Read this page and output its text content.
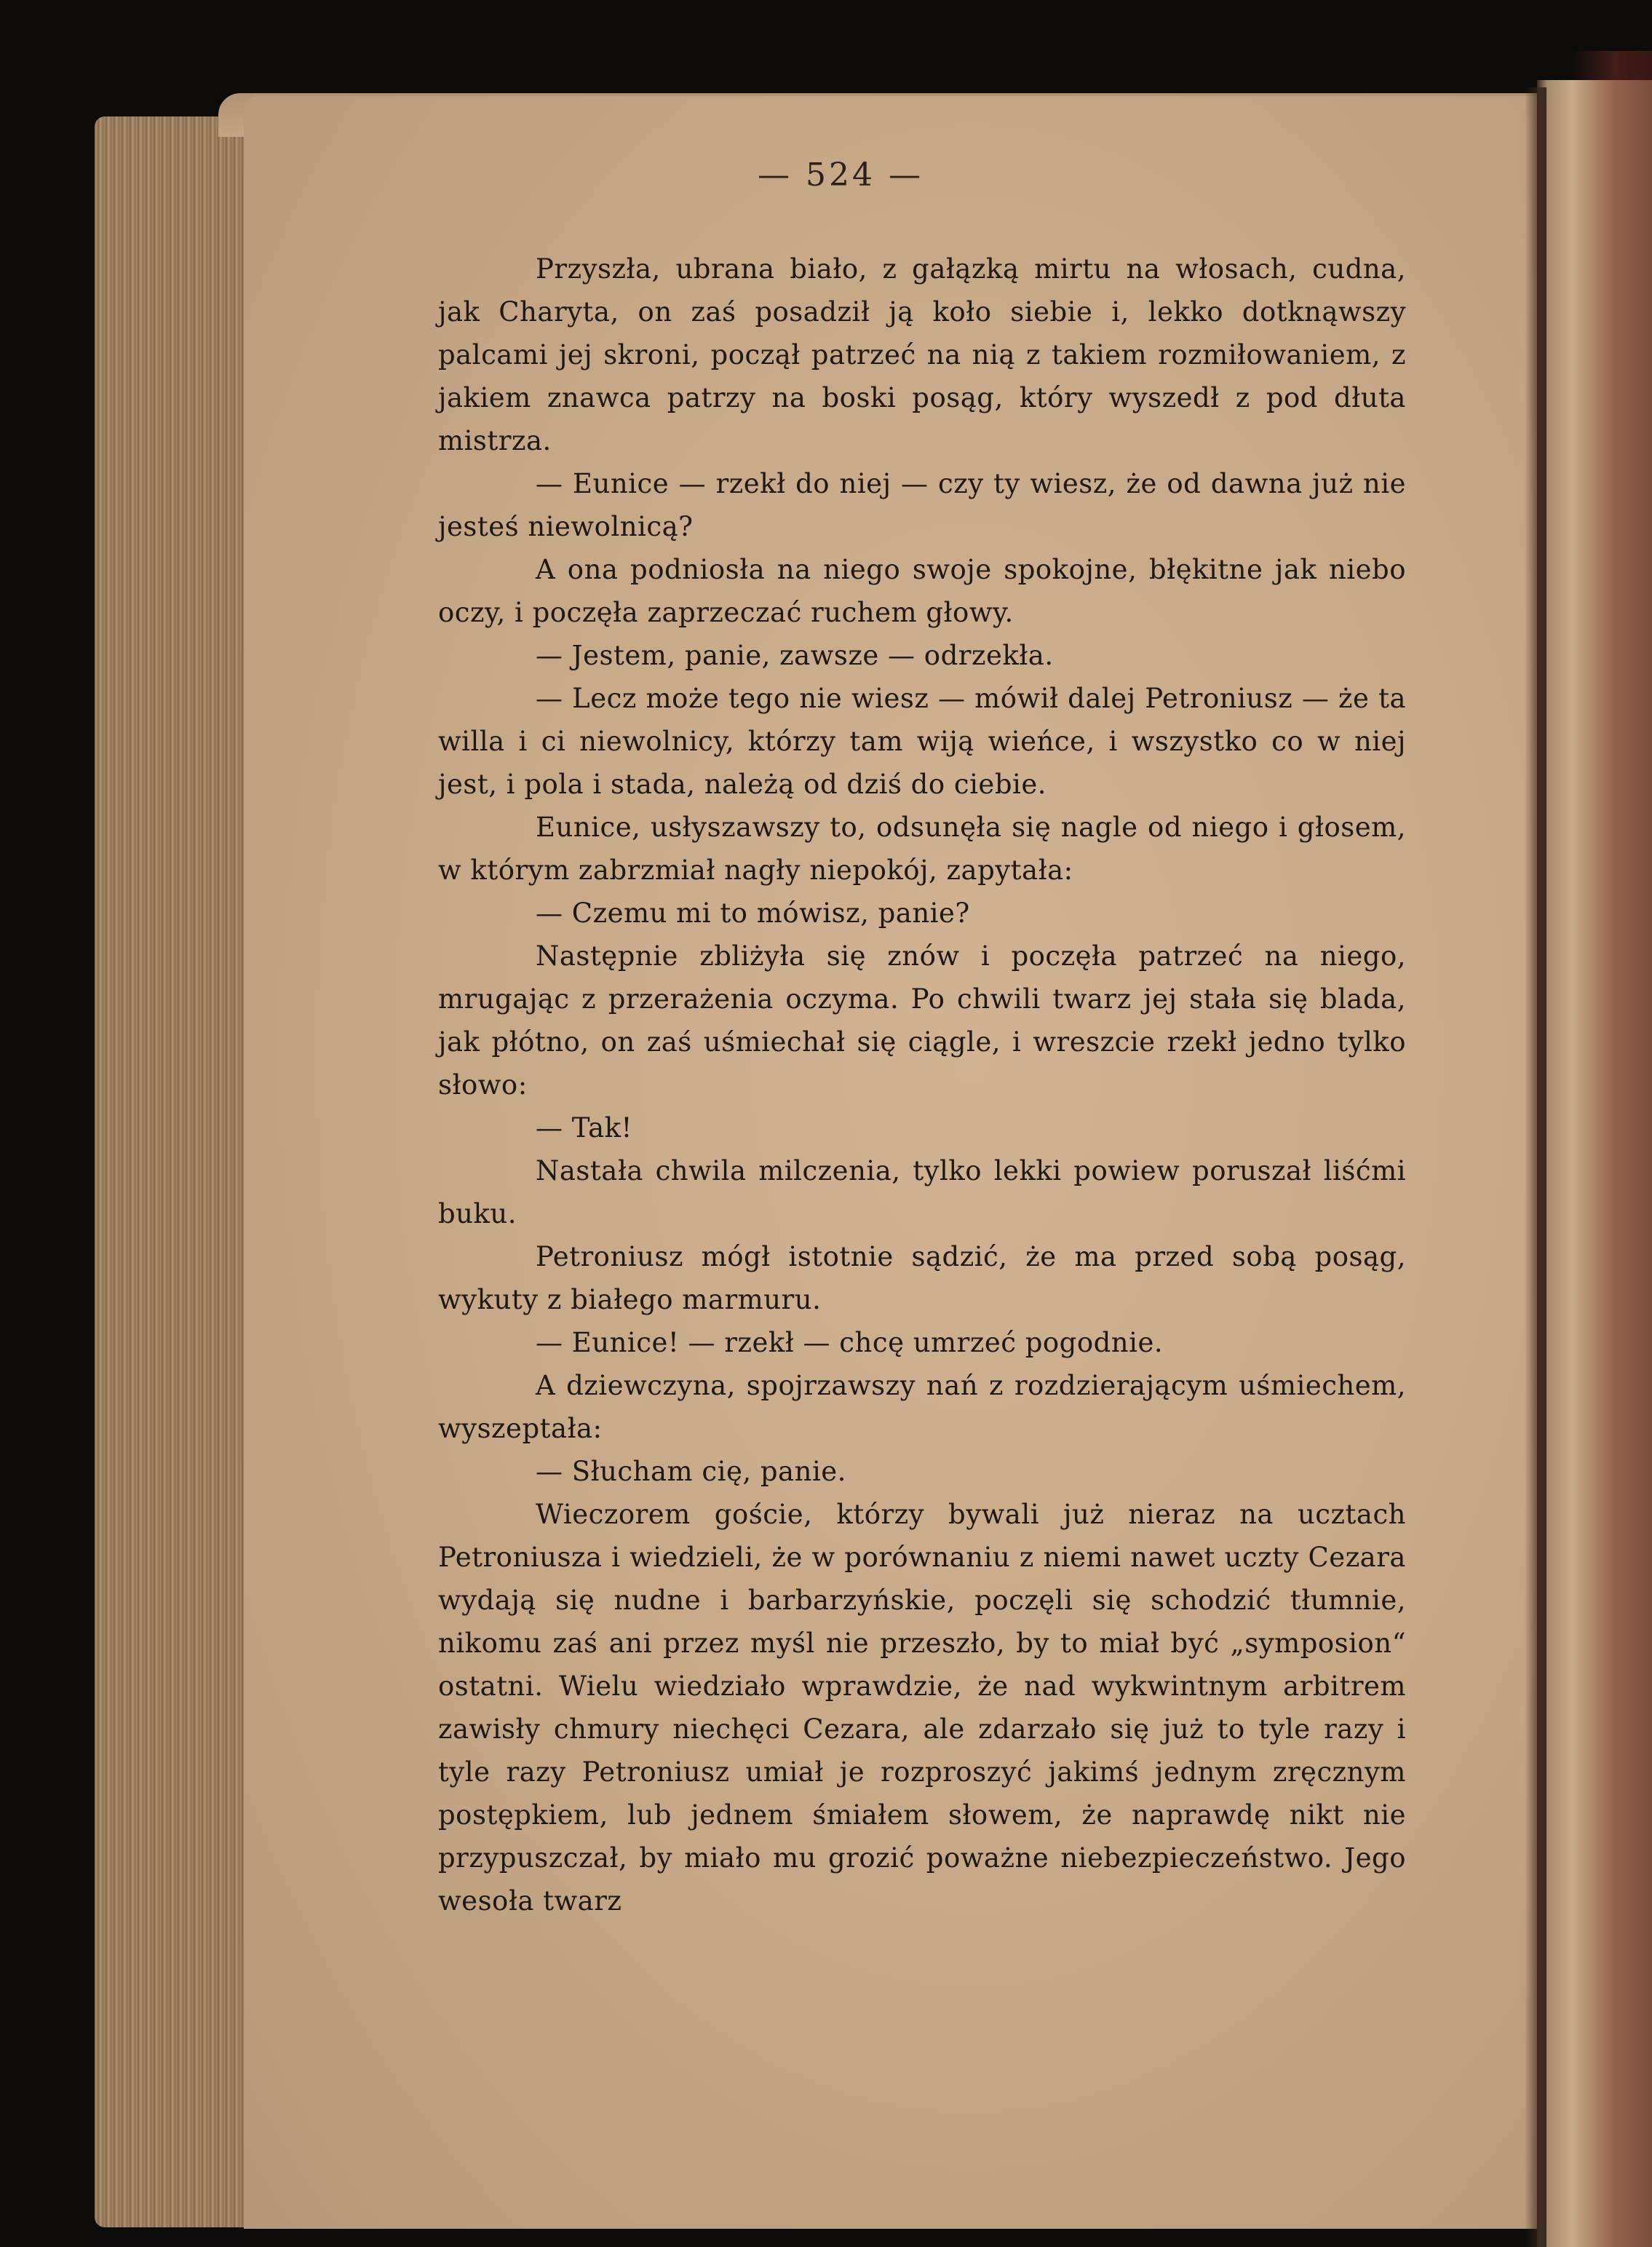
— 524 —

Przyszła, ubrana biało, z gałązką mirtu na włosach, cudna, jak Charyta, on zaś posadził ją koło siebie i, lekko dotknąwszy palcami jej skroni, począł patrzeć na nią z takiem rozmiłowaniem, z jakiem znawca patrzy na boski posąg, który wyszedł z pod dłuta mistrza.

— Eunice — rzekł do niej — czy ty wiesz, że od dawna już nie jesteś niewolnicą?

A ona podniosła na niego swoje spokojne, błękitne jak niebo oczy, i poczęła zaprzeczać ruchem głowy.

— Jestem, panie, zawsze — odrzekła.

— Lecz może tego nie wiesz — mówił dalej Petroniusz — że ta willa i ci niewolnicy, którzy tam wiją wieńce, i wszystko co w niej jest, i pola i stada, należą od dziś do ciebie.

Eunice, usłyszawszy to, odsunęła się nagle od niego i głosem, w którym zabrzmiał nagły niepokój, zapytała:

— Czemu mi to mówisz, panie?

Następnie zbliżyła się znów i poczęła patrzeć na niego, mrugając z przerażenia oczyma. Po chwili twarz jej stała się blada, jak płótno, on zaś uśmiechał się ciągle, i wreszcie rzekł jedno tylko słowo:

— Tak!

Nastała chwila milczenia, tylko lekki powiew poruszał liśćmi buku.

Petroniusz mógł istotnie sądzić, że ma przed sobą posąg, wykuty z białego marmuru.

— Eunice! — rzekł — chcę umrzeć pogodnie.

A dziewczyna, spojrzawszy nań z rozdzierającym uśmiechem, wyszeptała:

— Słucham cię, panie.

Wieczorem goście, którzy bywali już nieraz na ucztach Petroniusza i wiedzieli, że w porównaniu z niemi nawet uczty Cezara wydają się nudne i barbarzyńskie, poczęli się schodzić tłumnie, nikomu zaś ani przez myśl nie przeszło, by to miał być „symposion“ ostatni. Wielu wiedziało wprawdzie, że nad wykwintnym arbitrem zawisły chmury niechęci Cezara, ale zdarzało się już to tyle razy i tyle razy Petroniusz umiał je rozproszyć jakimś jednym zręcznym postępkiem, lub jednem śmiałem słowem, że naprawdę nikt nie przypuszczał, by miało mu grozić poważne niebezpieczeństwo. Jego wesoła twarz
